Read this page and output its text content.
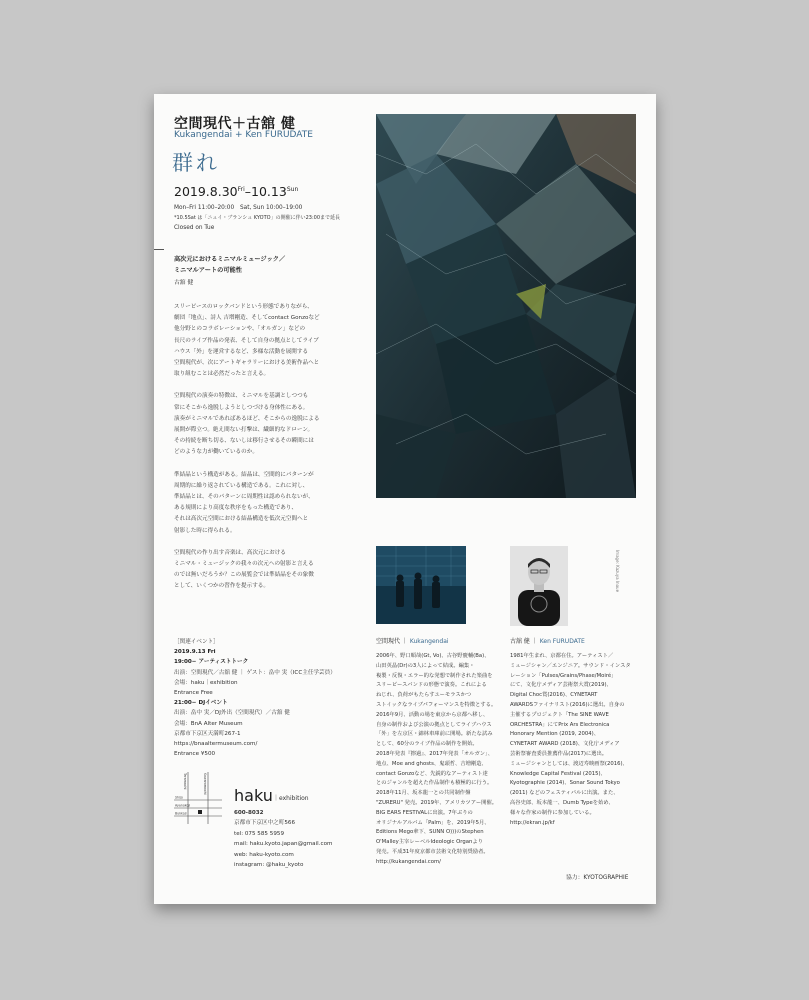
空間現代＋古舘 健
Kukangendai + Ken FURUDATE
群れ
$2019.8.30^{Fri}-10.13^{Sun}$
Mon–Fri 11:00–20:00　Sat, Sun 10:00–19:00
*10.5Sat は「ニュイ・ブランシュ KYOTO」の開催に伴い23:00まで延長
Closed on Tue
高次元におけるミニマルミュージック／
ミニマルアートの可能性
古舘 健

スリーピースのロックバンドという形態でありながら、
劇団「地点」、詩人 吉増剛造、そしてcontact Gonzoなど
他分野とのコラボレーションや、「オルガン」などの
長尺のライブ作品の発表、そして自身の拠点としてライブ
ハウス「外」を運営するなど、多様な活動を展開する
空間現代が、次にアートギャラリーにおける美術作品へと
取り組むことは必然だったと言える。

空間現代の演奏の特徴は、ミニマルを基調としつつも
常にそこから逸脱しようとしつづける身体性にある。
演奏がミニマルであればあるほど、そこからの逸脱による
展開が際立つ。絶え間ない打撃は、繊細的なドローン。
その持続を断ち切る、ないしは移行させるその瞬間には
どのような力が働いているのか。

準結晶という構造がある。結晶は、空間的にパターンが
周期的に繰り返されている構造である。これに対し、
準結晶とは、そのパターンに周期性は認められないが、
ある規則により高度な秩序をもった構造であり、
それは高次元空間における結晶構造を低次元空間へと
射影した時に得られる。

空間現代の作り出す音楽は、高次元における
ミニマル・ミュージックの我々の次元への射影と言える
のでは無いだろうか？この展覧会では準結晶をその象徴
として、いくつかの習作を提示する。

［関連イベント］
2019.9.13 Fri
19:00− アーティストトーク
出演：空間現代／古舘 健 ｜ ゲスト：畠中 実（ICC主任学芸員）
会場：haku｜exhibition
Entrance Free
21:00− DJイベント
出演：畠中 実／DJ外出（空間現代）／古舘 健
会場：BnA Alter Museum
京都市下京区天満町267-1
https://bnaaltermuseum.com/
Entrance ¥500
Teramachi	Kawaramachi
Shijo
Ayanokoji
Bukkoji
haku ｜exhibition
600-8032
京都市下京区中之町566
tel: 075 585 5959
mail: haku.kyoto.japan@gmail.com
web: haku-kyoto.com
instagram: @haku_kyoto
Image: Kazuya Inoue
空間現代 ｜ Kukangendai
2006年、野口順哉(Gt, Vo)、古谷野慶輔(Ba)、
山田英晶(Dr)の3人によって結成。編集・
複製・反復・エラー的な発想で制作された楽曲を
スリーピースバンドの形態で演奏。これによる
ねじれ、負荷がもたらすユーモラスかつ
ストイックなライブパフォーマンスを特徴とする。
2016年9月、活動の場を東京から京都へ移し、
自身の制作および公演の拠点としてライブハウス
「外」を左京区・錦林車庫前に開場。新たな試み
として、60分のライブ作品の制作を開始。
2018年発表『擦過』、2017年発表「オルガン」、
地点、Moe and ghosts、鬼頭哲、吉増剛造、
contact Gonzoなど、先鋭的なアーティスト達
とのジャンルを超えた作品制作も積極的に行う。
2018年11月、坂本龍一との共同制作盤
"ZURERU" 発売。2019年、アメリカツアー開催。
BIG EARS FESTIVALに出演。7年ぶりの
オリジナルアルバム「Palm」を、2019年5月、
Editions Mego傘下、SUNN O)))のStephen
O'Malley主宰レーベルIdeologic Organより
発売。平成31年度京都市芸術文化特別奨励者。
http://kukangendai.com/
古舘 健 ｜ Ken FURUDATE
1981年生まれ、京都在住。アーティスト／
ミュージシャン／エンジニア。サウンド・インスタ
レーション「Pulses/Grains/Phase/Moiré」
にて、文化庁メディア芸術祭大賞(2019)、
Digital Choc賞(2016)、CYNETART
AWARDSファイナリスト(2016)に選出。自身の
主催するプロジェクト「The SINE WAVE
ORCHESTRA」にてPrix Ars Electronica
Honorary Mention (2019, 2004)、
CYNETART AWARD (2018)、文化庁メディア
芸術祭審査委員推薦作品(2017)に選出。
ミュージシャンとしては、渡辺寿映画祭(2016)、
Knowledge Capital Festival (2015)、
Kyotographie (2014)、Sonar Sound Tokyo
(2011) などのフェスティバルに出演。また、
高谷史郎、坂本龍一、Dumb Typeを始め、
様々な作家の制作に参加している。
http://ekran.jp/kf
協力：KYOTOGRAPHIE
